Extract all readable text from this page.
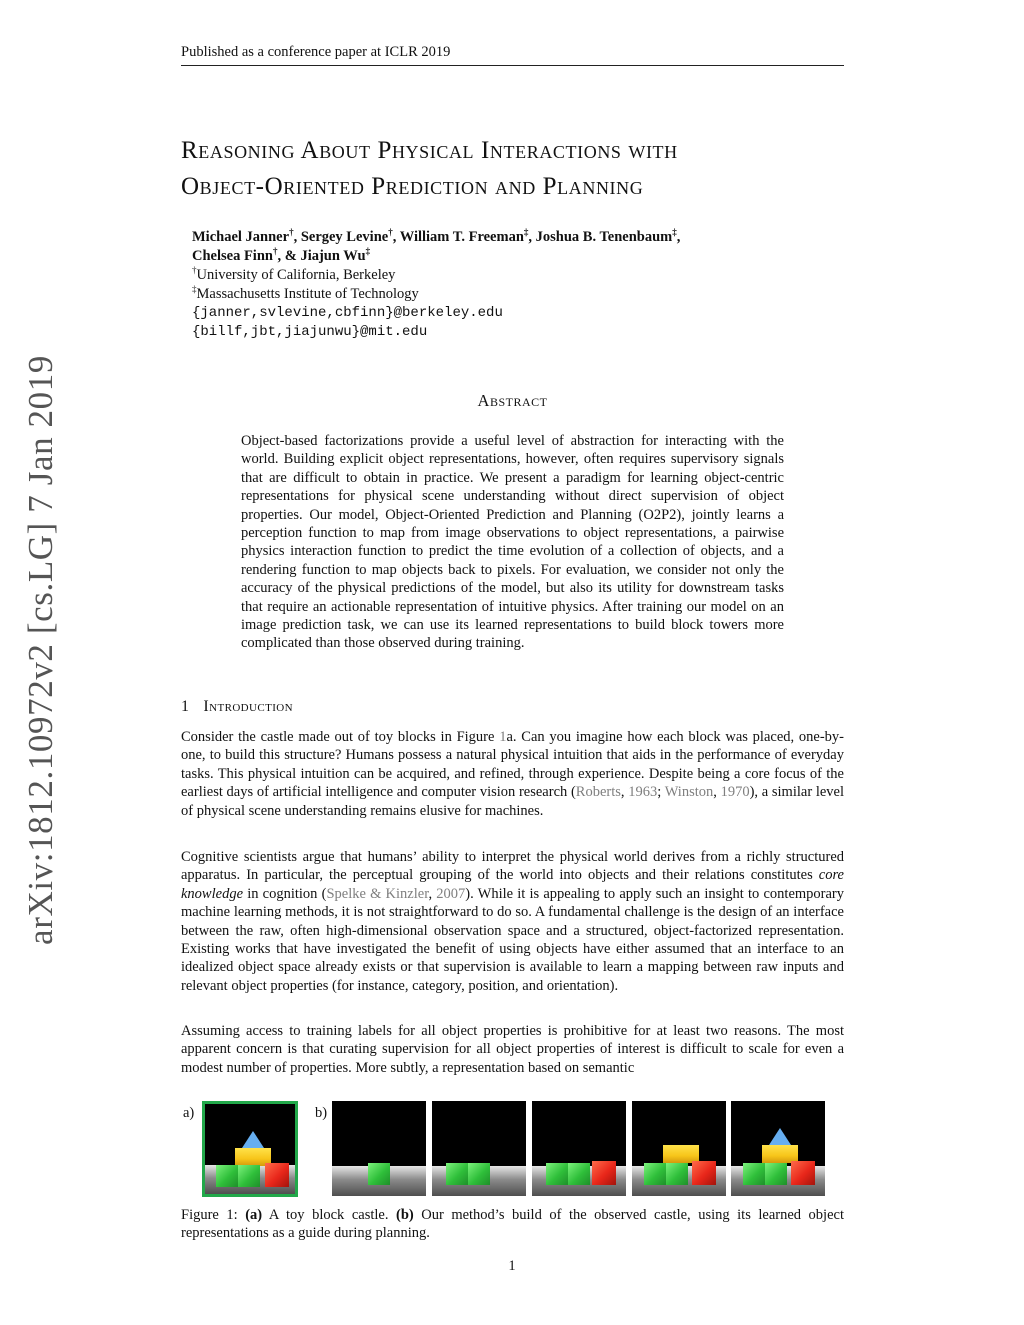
Published as a conference paper at ICLR 2019
arXiv:1812.10972v2 [cs.LG] 7 Jan 2019
Reasoning About Physical Interactions with
Object-Oriented Prediction and Planning
Michael Janner†, Sergey Levine†, William T. Freeman‡, Joshua B. Tenenbaum‡,
Chelsea Finn†, & Jiajun Wu‡
†University of California, Berkeley
‡Massachusetts Institute of Technology
{janner,svlevine,cbfinn}@berkeley.edu
{billf,jbt,jiajunwu}@mit.edu
Abstract
Object-based factorizations provide a useful level of abstraction for interacting with the world. Building explicit object representations, however, often requires supervisory signals that are difficult to obtain in practice. We present a paradigm for learning object-centric representations for physical scene understanding without direct supervision of object properties. Our model, Object-Oriented Prediction and Planning (O2P2), jointly learns a perception function to map from image observations to object representations, a pairwise physics interaction function to predict the time evolution of a collection of objects, and a rendering function to map objects back to pixels. For evaluation, we consider not only the accuracy of the physical predictions of the model, but also its utility for downstream tasks that require an actionable representation of intuitive physics. After training our model on an image prediction task, we can use its learned representations to build block towers more complicated than those observed during training.
1 Introduction
Consider the castle made out of toy blocks in Figure 1a. Can you imagine how each block was placed, one-by-one, to build this structure? Humans possess a natural physical intuition that aids in the performance of everyday tasks. This physical intuition can be acquired, and refined, through experience. Despite being a core focus of the earliest days of artificial intelligence and computer vision research (Roberts, 1963; Winston, 1970), a similar level of physical scene understanding remains elusive for machines.
Cognitive scientists argue that humans’ ability to interpret the physical world derives from a richly structured apparatus. In particular, the perceptual grouping of the world into objects and their relations constitutes core knowledge in cognition (Spelke & Kinzler, 2007). While it is appealing to apply such an insight to contemporary machine learning methods, it is not straightforward to do so. A fundamental challenge is the design of an interface between the raw, often high-dimensional observation space and a structured, object-factorized representation. Existing works that have investigated the benefit of using objects have either assumed that an interface to an idealized object space already exists or that supervision is available to learn a mapping between raw inputs and relevant object properties (for instance, category, position, and orientation).
Assuming access to training labels for all object properties is prohibitive for at least two reasons. The most apparent concern is that curating supervision for all object properties of interest is difficult to scale for even a modest number of properties. More subtly, a representation based on semantic
a)	b)
Figure 1: (a) A toy block castle. (b) Our method’s build of the observed castle, using its learned object representations as a guide during planning.
1
